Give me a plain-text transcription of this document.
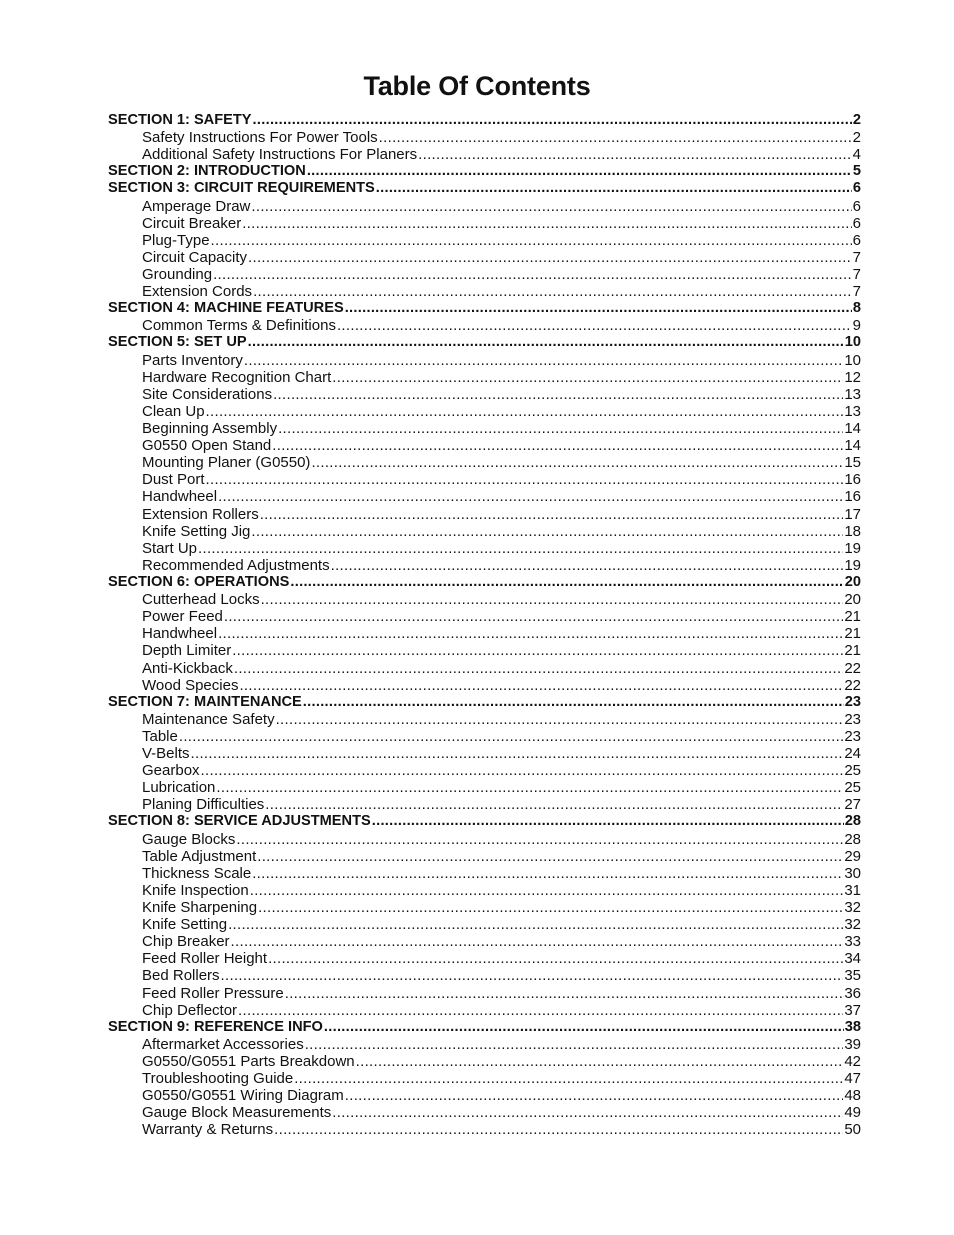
Table Of Contents
SECTION 1: SAFETY .....	2
Safety Instructions For Power Tools .....	2
Additional Safety Instructions For Planers .....	4
SECTION 2: INTRODUCTION .....	5
SECTION 3: CIRCUIT REQUIREMENTS .....	6
Amperage Draw .....	6
Circuit Breaker .....	6
Plug-Type .....	6
Circuit Capacity .....	7
Grounding .....	7
Extension Cords .....	7
SECTION 4: MACHINE FEATURES .....	8
Common Terms & Definitions .....	9
SECTION 5: SET UP .....	10
Parts Inventory .....	10
Hardware Recognition Chart .....	12
Site Considerations .....	13
Clean Up .....	13
Beginning Assembly .....	14
G0550 Open Stand .....	14
Mounting Planer (G0550) .....	15
Dust Port .....	16
Handwheel .....	16
Extension Rollers .....	17
Knife Setting Jig .....	18
Start Up .....	19
Recommended Adjustments .....	19
SECTION 6: OPERATIONS .....	20
Cutterhead Locks .....	20
Power Feed .....	21
Handwheel .....	21
Depth Limiter .....	21
Anti-Kickback .....	22
Wood Species .....	22
SECTION 7: MAINTENANCE .....	23
Maintenance Safety .....	23
Table .....	23
V-Belts .....	24
Gearbox .....	25
Lubrication .....	25
Planing Difficulties .....	27
SECTION 8: SERVICE ADJUSTMENTS .....	28
Gauge Blocks .....	28
Table Adjustment .....	29
Thickness Scale .....	30
Knife Inspection .....	31
Knife Sharpening .....	32
Knife Setting .....	32
Chip Breaker .....	33
Feed Roller Height .....	34
Bed Rollers .....	35
Feed Roller Pressure .....	36
Chip Deflector .....	37
SECTION 9: REFERENCE INFO .....	38
Aftermarket Accessories .....	39
G0550/G0551 Parts Breakdown .....	42
Troubleshooting Guide .....	47
G0550/G0551 Wiring Diagram .....	48
Gauge Block Measurements .....	49
Warranty & Returns .....	50
